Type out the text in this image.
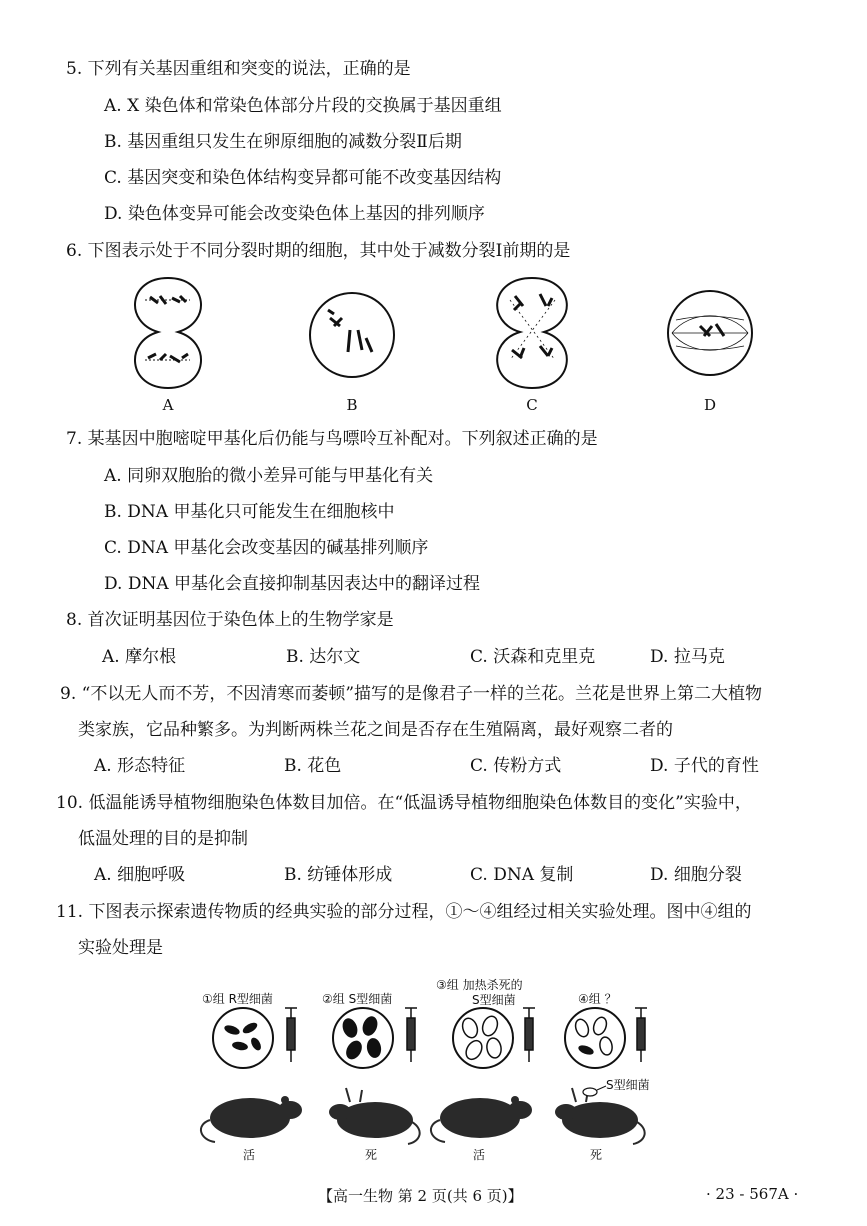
5. 下列有关基因重组和突变的说法，正确的是
A. X 染色体和常染色体部分片段的交换属于基因重组
B. 基因重组只发生在卵原细胞的减数分裂Ⅱ后期
C. 基因突变和染色体结构变异都可能不改变基因结构
D. 染色体变异可能会改变染色体上基因的排列顺序
6. 下图表示处于不同分裂时期的细胞，其中处于减数分裂Ⅰ前期的是
A	B	C	D
7. 某基因中胞嘧啶甲基化后仍能与鸟嘌呤互补配对。下列叙述正确的是
A. 同卵双胞胎的微小差异可能与甲基化有关
B. DNA 甲基化只可能发生在细胞核中
C. DNA 甲基化会改变基因的碱基排列顺序
D. DNA 甲基化会直接抑制基因表达中的翻译过程
8. 首次证明基因位于染色体上的生物学家是
A. 摩尔根	B. 达尔文	C. 沃森和克里克	D. 拉马克
9. “不以无人而不芳，不因清寒而萎顿”描写的是像君子一样的兰花。兰花是世界上第二大植物
类家族，它品种繁多。为判断两株兰花之间是否存在生殖隔离，最好观察二者的
A. 形态特征	B. 花色	C. 传粉方式	D. 子代的育性
10. 低温能诱导植物细胞染色体数目加倍。在“低温诱导植物细胞染色体数目的变化”实验中，
低温处理的目的是抑制
A. 细胞呼吸	B. 纺锤体形成	C. DNA 复制	D. 细胞分裂
11. 下图表示探索遗传物质的经典实验的部分过程，①～④组经过相关实验处理。图中④组的
实验处理是
①组 R型细菌	②组 S型细菌
③组 加热杀死的
S型细菌	④组 ？
S型细菌
活	死	活	死
【高一生物 第 2 页(共 6 页)】	· 23 - 567A ·
